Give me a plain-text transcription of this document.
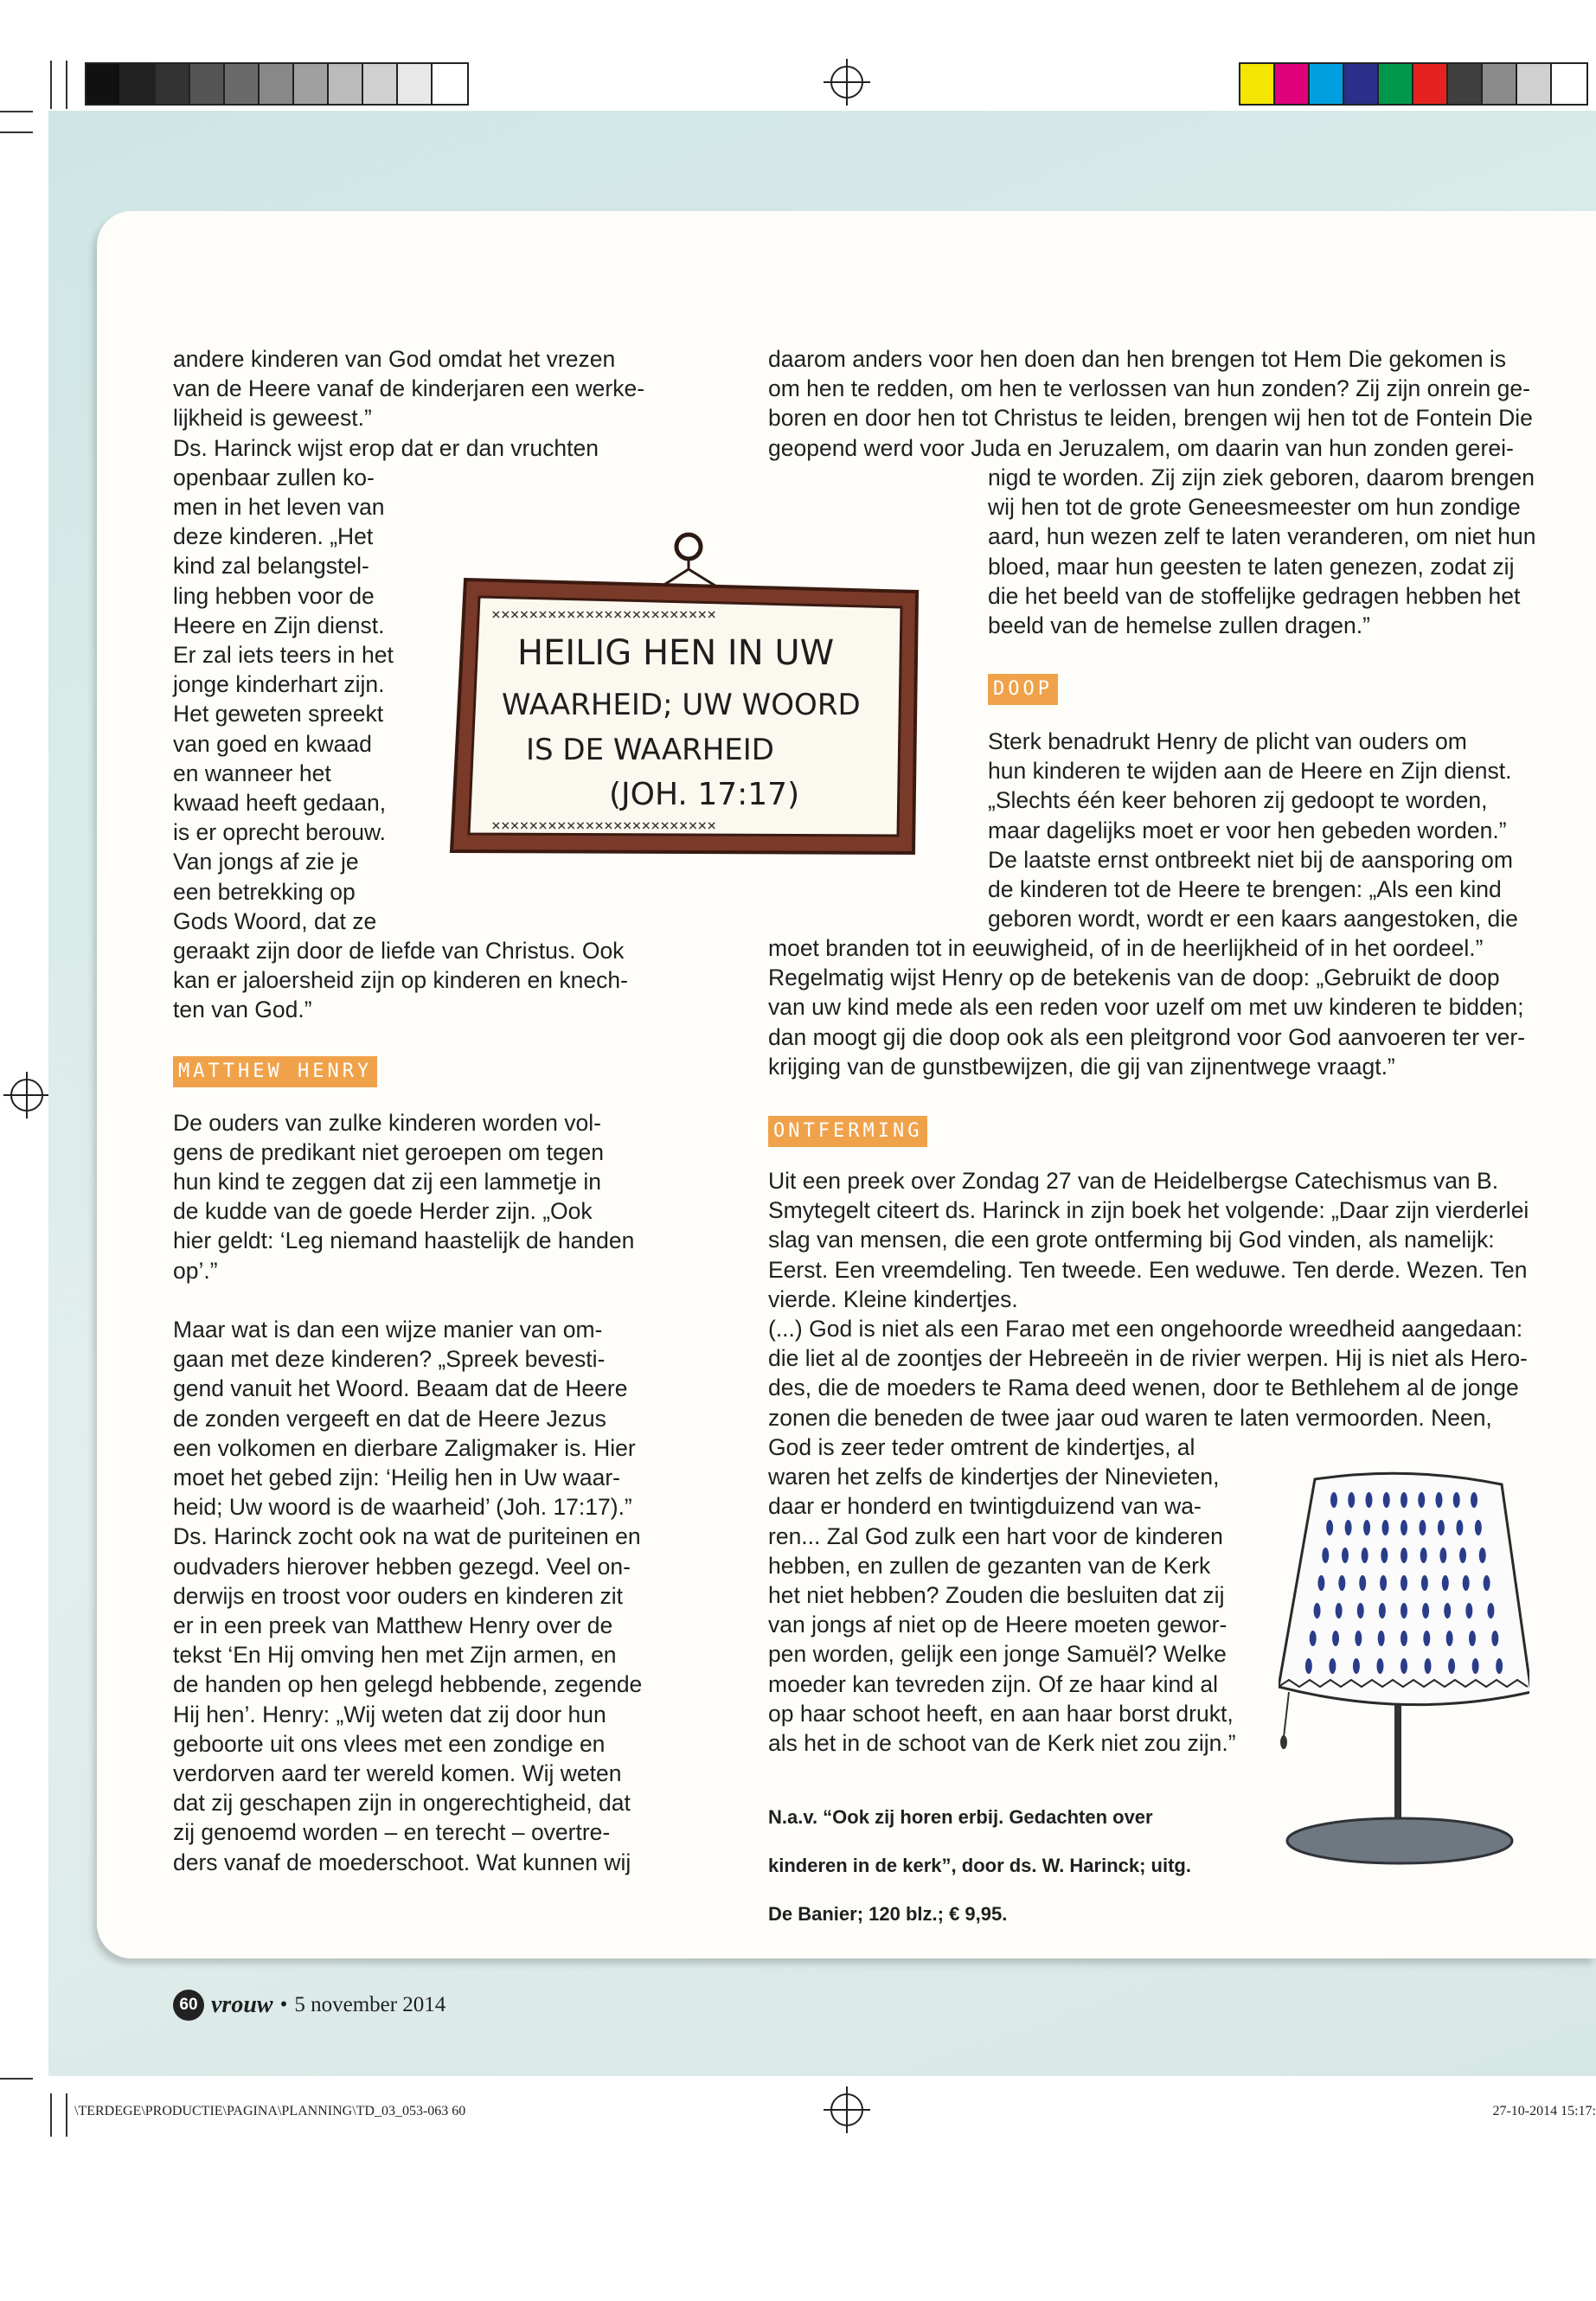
andere kinderen van God omdat het vrezen

van de Heere vanaf de kinderjaren een werke-

lijkheid is geweest.”

Ds. Harinck wijst erop dat er dan vruchten

openbaar zullen ko-

men in het leven van

deze kinderen. „Het

kind zal belangstel-

ling hebben voor de

Heere en Zijn dienst.

Er zal iets teers in het

jonge kinderhart zijn.

Het geweten spreekt

van goed en kwaad

en wanneer het

kwaad heeft gedaan,

is er oprecht berouw.

Van jongs af zie je

een betrekking op

Gods Woord, dat ze

geraakt zijn door de liefde van Christus. Ook

kan er jaloersheid zijn op kinderen en knech-

ten van God.”

MATTHEW HENRY

De ouders van zulke kinderen worden vol-

gens de predikant niet geroepen om tegen

hun kind te zeggen dat zij een lammetje in

de kudde van de goede Herder zijn. „Ook

hier geldt: ‘Leg niemand haastelijk de handen

op’.”

Maar wat is dan een wijze manier van om-

gaan met deze kinderen? „Spreek bevesti-

gend vanuit het Woord. Beaam dat de Heere

de zonden vergeeft en dat de Heere Jezus

een volkomen en dierbare Zaligmaker is. Hier

moet het gebed zijn: ‘Heilig hen in Uw waar-

heid; Uw woord is de waarheid’ (Joh. 17:17).”

Ds. Harinck zocht ook na wat de puriteinen en

oudvaders hierover hebben gezegd. Veel on-

derwijs en troost voor ouders en kinderen zit

er in een preek van Matthew Henry over de

tekst ‘En Hij omving hen met Zijn armen, en

de handen op hen gelegd hebbende, zegende

Hij hen’. Henry: „Wij weten dat zij door hun

geboorte uit ons vlees met een zondige en

verdorven aard ter wereld komen. Wij weten

dat zij geschapen zijn in ongerechtigheid, dat

zij genoemd worden – en terecht – overtre-

ders vanaf de moederschoot. Wat kunnen wij

daarom anders voor hen doen dan hen brengen tot Hem Die gekomen is

om hen te redden, om hen te verlossen van hun zonden? Zij zijn onrein ge-

boren en door hen tot Christus te leiden, brengen wij hen tot de Fontein Die

geopend werd voor Juda en Jeruzalem, om daarin van hun zonden gerei-

nigd te worden. Zij zijn ziek geboren, daarom brengen

wij hen tot de grote Geneesmeester om hun zondige

aard, hun wezen zelf te laten veranderen, om niet hun

bloed, maar hun geesten te laten genezen, zodat zij

die het beeld van de stoffelijke gedragen hebben het

beeld van de hemelse zullen dragen.”

DOOP

Sterk benadrukt Henry de plicht van ouders om

hun kinderen te wijden aan de Heere en Zijn dienst.

„Slechts één keer behoren zij gedoopt te worden,

maar dagelijks moet er voor hen gebeden worden.”

De laatste ernst ontbreekt niet bij de aansporing om

de kinderen tot de Heere te brengen: „Als een kind

geboren wordt, wordt er een kaars aangestoken, die

moet branden tot in eeuwigheid, of in de heerlijkheid of in het oordeel.”

Regelmatig wijst Henry op de betekenis van de doop: „Gebruikt de doop

van uw kind mede als een reden voor uzelf om met uw kinderen te bidden;

dan moogt gij die doop ook als een pleitgrond voor God aanvoeren ter ver-

krijging van de gunstbewijzen, die gij van zijnentwege vraagt.”

ONTFERMING

Uit een preek over Zondag 27 van de Heidelbergse Catechismus van B.

Smytegelt citeert ds. Harinck in zijn boek het volgende: „Daar zijn vierderlei

slag van mensen, die een grote ontferming bij God vinden, als namelijk:

Eerst. Een vreemdeling. Ten tweede. Een weduwe. Ten derde. Wezen. Ten

vierde. Kleine kindertjes.

(...) God is niet als een Farao met een ongehoorde wreedheid aangedaan:

die liet al de zoontjes der Hebreeën in de rivier werpen. Hij is niet als Hero-

des, die de moeders te Rama deed wenen, door te Bethlehem al de jonge

zonen die beneden de twee jaar oud waren te laten vermoorden. Neen,

God is zeer teder omtrent de kindertjes, al

waren het zelfs de kindertjes der Ninevieten,

daar er honderd en twintigduizend van wa-

ren... Zal God zulk een hart voor de kinderen

hebben, en zullen de gezanten van de Kerk

het niet hebben? Zouden die besluiten dat zij

van jongs af niet op de Heere moeten gewor-

pen worden, gelijk een jonge Samuël? Welke

moeder kan tevreden zijn. Of ze haar kind al

op haar schoot heeft, en aan haar borst drukt,

als het in de schoot van de Kerk niet zou zijn.”

N.a.v. “Ook zij horen erbij. Gedachten over

kinderen in de kerk”, door ds. W. Harinck; uitg.

De Banier; 120 blz.; € 9,95.

××××××××××××××××××××××××
××××××××××××××××××××××××
HEILIG HEN IN UW
WAARHEID; UW WOORD
IS DE WAARHEID
(JOH. 17:17)
60 vrouw • 5 november 2014
\TERDEGE\PRODUCTIE\PAGINA\PLANNING\TD_03_053-063 60	27-10-2014 15:17:
